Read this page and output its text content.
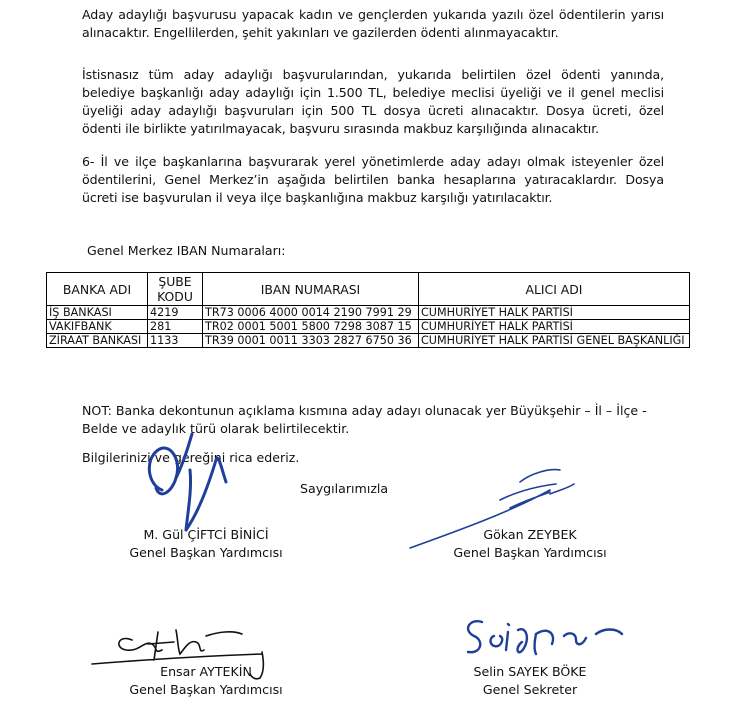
Aday adaylığı başvurusu yapacak kadın ve gençlerden yukarıda yazılı özel ödentilerin yarısı alınacaktır. Engellilerden, şehit yakınları ve gazilerden ödenti alınmayacaktır.
İstisnasız tüm aday adaylığı başvurularından, yukarıda belirtilen özel ödenti yanında, belediye başkanlığı aday adaylığı için 1.500 TL, belediye meclisi üyeliği ve il genel meclisi üyeliği aday adaylığı başvuruları için 500 TL dosya ücreti alınacaktır. Dosya ücreti, özel ödenti ile birlikte yatırılmayacak, başvuru sırasında makbuz karşılığında alınacaktır.
6- İl ve ilçe başkanlarına başvurarak yerel yönetimlerde aday adayı olmak isteyenler özel ödentilerini, Genel Merkez’in aşağıda belirtilen banka hesaplarına yatıracaklardır. Dosya ücreti ise başvurulan il veya ilçe başkanlığına makbuz karşılığı yatırılacaktır.
Genel Merkez IBAN Numaraları:
BANKA ADI	ŞUBE KODU	IBAN NUMARASI	ALICI ADI
İŞ BANKASI	4219	TR73 0006 4000 0014 2190 7991 29	CUMHURİYET HALK PARTİSİ
VAKIFBANK	281	TR02 0001 5001 5800 7298 3087 15	CUMHURİYET HALK PARTİSİ
ZİRAAT BANKASI	1133	TR39 0001 0011 3303 2827 6750 36	CUMHURİYET HALK PARTİSİ GENEL BAŞKANLIĞI
NOT: Banka dekontunun açıklama kısmına aday adayı olunacak yer Büyükşehir – İl – İlçe - Belde ve adaylık türü olarak belirtilecektir.
Bilgilerinizi ve gereğini rica ederiz.
Saygılarımızla
M. Gül ÇİFTCİ BİNİCİ
Genel Başkan Yardımcısı
Gökan ZEYBEK
Genel Başkan Yardımcısı
Ensar AYTEKİN
Genel Başkan Yardımcısı
Selin SAYEK BÖKE
Genel Sekreter
